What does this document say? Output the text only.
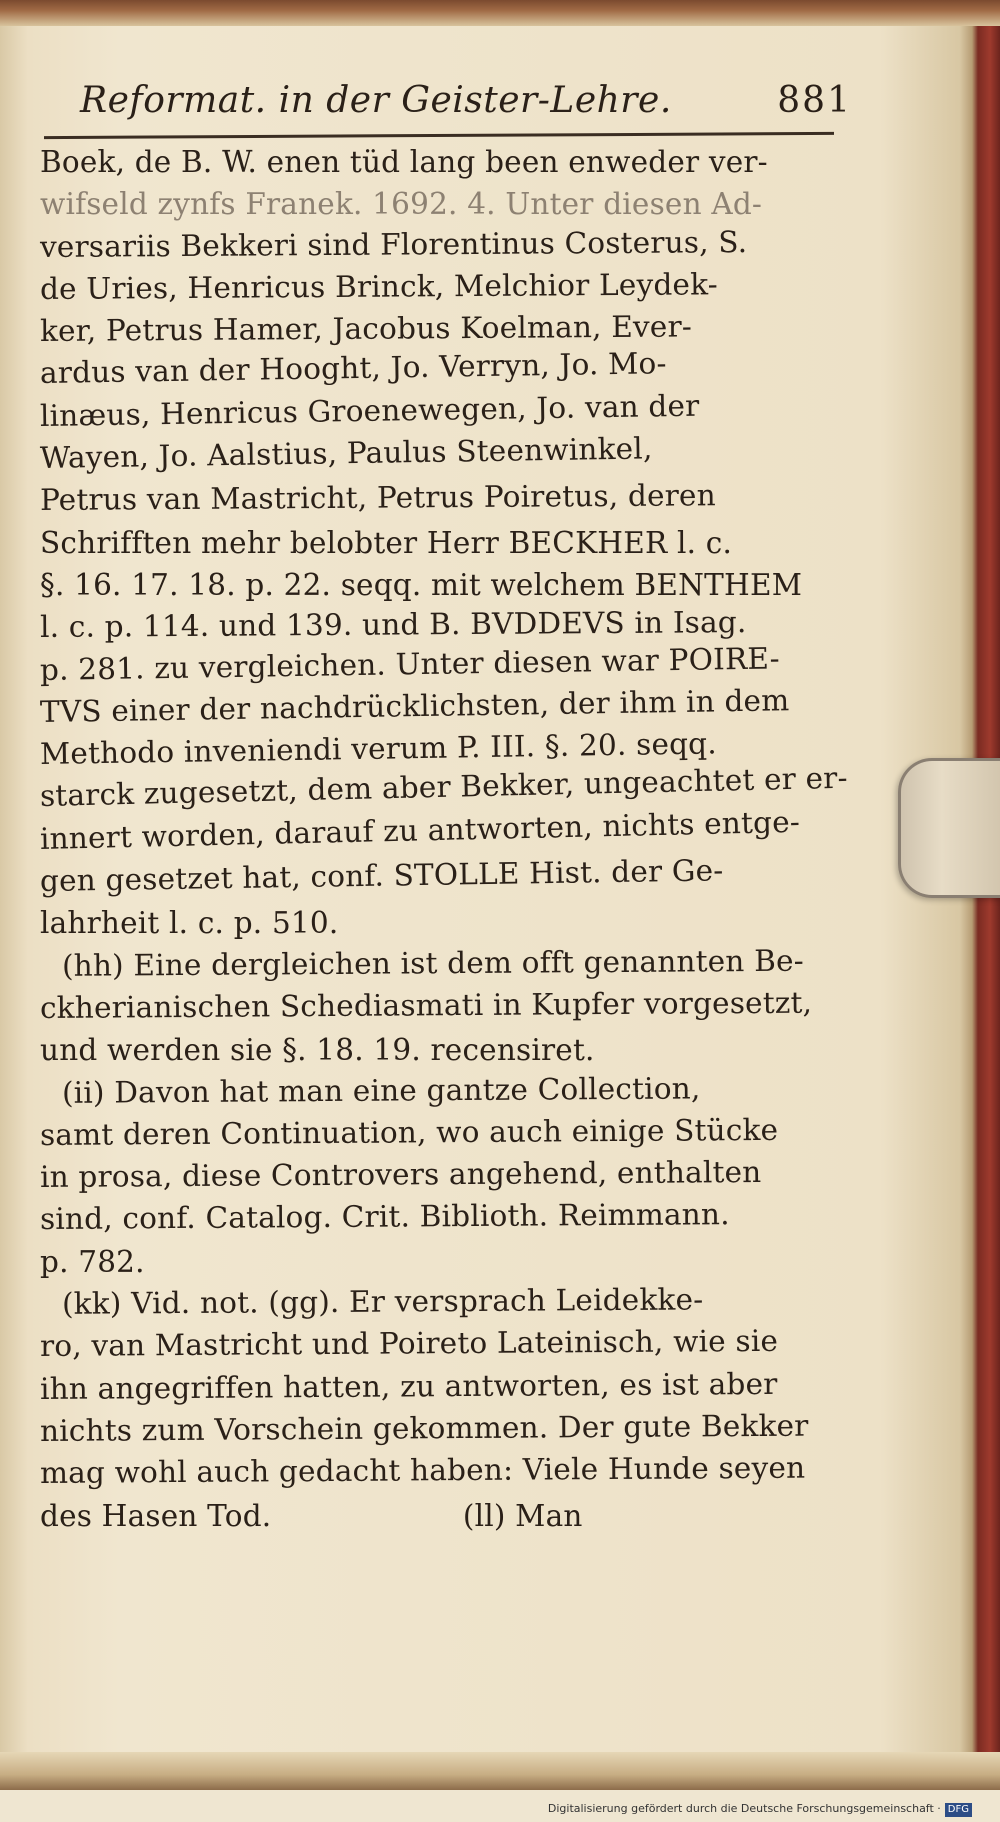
Reformat. in der Geister-Lehre.	881
Boek, de B. W. enen tüd lang been enweder ver-
wifseld zynfs Franek. 1692. 4. Unter diesen Ad-
versariis Bekkeri sind Florentinus Costerus, S.
de Uries, Henricus Brinck, Melchior Leydek-
ker, Petrus Hamer, Jacobus Koelman, Ever-
ardus van der Hooght, Jo. Verryn, Jo. Mo-
linæus, Henricus Groenewegen, Jo. van der
Wayen, Jo. Aalstius, Paulus Steenwinkel,
Petrus van Mastricht, Petrus Poiretus, deren
Schrifften mehr belobter Herr BECKHER l. c.
§. 16. 17. 18. p. 22. seqq. mit welchem BENTHEM
l. c. p. 114. und 139. und B. BVDDEVS in Isag.
p. 281. zu vergleichen. Unter diesen war POIRE-
TVS einer der nachdrücklichsten, der ihm in dem
Methodo inveniendi verum P. III. §. 20. seqq.
starck zugesetzt, dem aber Bekker, ungeachtet er er-
innert worden, darauf zu antworten, nichts entge-
gen gesetzet hat, conf. STOLLE Hist. der Ge-
lahrheit l. c. p. 510.
(hh) Eine dergleichen ist dem offt genannten Be-
ckherianischen Schediasmati in Kupfer vorgesetzt,
und werden sie §. 18. 19. recensiret.
(ii) Davon hat man eine gantze Collection,
samt deren Continuation, wo auch einige Stücke
in prosa, diese Controvers angehend, enthalten
sind, conf. Catalog. Crit. Biblioth. Reimmann.
p. 782.
(kk) Vid. not. (gg). Er versprach Leidekke-
ro, van Mastricht und Poireto Lateinisch, wie sie
ihn angegriffen hatten, zu antworten, es ist aber
nichts zum Vorschein gekommen. Der gute Bekker
mag wohl auch gedacht haben: Viele Hunde seyen
des Hasen Tod.                    (ll) Man
Digitalisierung gefördert durch die Deutsche Forschungsgemeinschaft · DFG
